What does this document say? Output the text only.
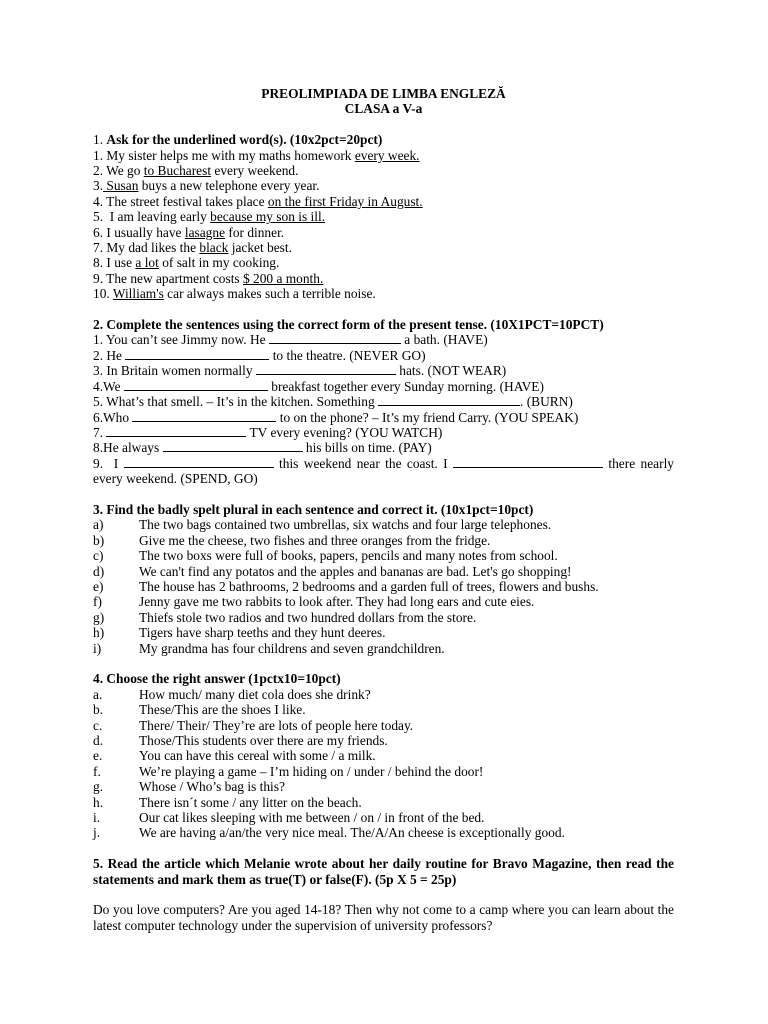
PREOLIMPIADA DE LIMBA ENGLEZĂ
CLASA a V-a
1. Ask for the underlined word(s). (10x2pct=20pct)
1. My sister helps me with my maths homework every week.
2. We go to Bucharest every weekend.
3. Susan buys a new telephone every year.
4. The street festival takes place on the first Friday in August.
5.  I am leaving early because my son is ill.
6. I usually have lasagne for dinner.
7. My dad likes the black jacket best.
8. I use a lot of salt in my cooking.
9. The new apartment costs $ 200 a month.
10. William's car always makes such a terrible noise.
2. Complete the sentences using the correct form of the present tense. (10X1PCT=10PCT)
1. You can’t see Jimmy now. He	a bath. (HAVE)
2. He	to the theatre. (NEVER GO)
3. In Britain women normally	hats. (NOT WEAR)
4.We	breakfast together every Sunday morning. (HAVE)
5. What’s that smell. – It’s in the kitchen. Something	. (BURN)
6.Who	to on the phone? – It’s my friend Carry. (YOU SPEAK)
7.	TV every evening? (YOU WATCH)
8.He always	his bills on time. (PAY)
9.  I	this weekend near the coast. I	there nearly every weekend. (SPEND, GO)
3. Find the badly spelt plural in each sentence and correct it. (10x1pct=10pct)
a)	The two bags contained two umbrellas, six watchs and four large telephones.
b)	Give me the cheese, two fishes and three oranges from the fridge.
c)	The two boxs were full of books, papers, pencils and many notes from school.
d)	We can't find any potatos and the apples and bananas are bad. Let's go shopping!
e)	The house has 2 bathrooms, 2 bedrooms and a garden full of trees, flowers and bushs.
f)	Jenny gave me two rabbits to look after. They had long ears and cute eies.
g)	Thiefs stole two radios and two hundred dollars from the store.
h)	Tigers have sharp teeths and they hunt deeres.
i)	My grandma has four childrens and seven grandchildren.
4. Choose the right answer (1pctx10=10pct)
a.	How much/ many diet cola does she drink?
b.	These/This are the shoes I like.
c.	There/ Their/ They’re are lots of people here today.
d.	Those/This students over there are my friends.
e.	You can have this cereal with some / a milk.
f.	We’re playing a game – I’m hiding on / under / behind the door!
g.	Whose / Who’s bag is this?
h.	There isn´t some / any litter on the beach.
i.	Our cat likes sleeping with me between / on / in front of the bed.
j.	We are having a/an/the very nice meal. The/A/An cheese is exceptionally good.
5. Read the article which Melanie wrote about her daily routine for Bravo Magazine, then read the statements and mark them as true(T) or false(F). (5p X 5 = 25p)
Do you love computers? Are you aged 14-18? Then why not come to a camp where you can learn about the latest computer technology under the supervision of university professors?
